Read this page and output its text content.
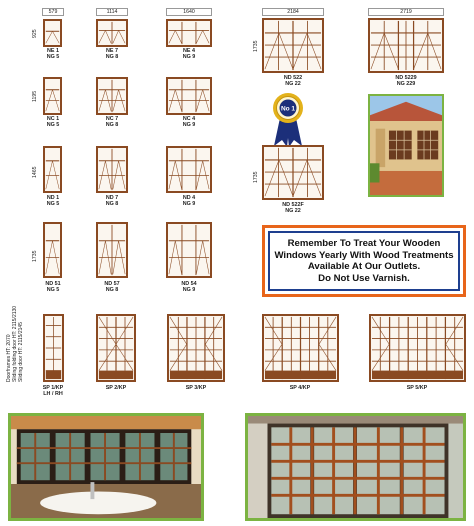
579
925
NE 1
NG 5
1195
NC 1
NG 5
1465
ND 1
NG 5
1735
ND 51
NG 5
1114
NE 7
NG 8
NC 7
NG 8
ND 7
NG 8
ND 57
NG 8
1640
NE 4
NG 9
NC 4
NG 9
ND 4
NG 9
ND 54
NG 9
2184
1735
ND 522
NG 22
No 1
1735
ND 522F
NG 22
2719
ND 5229
NG 229
Remember To Treat Your Wooden
Windows Yearly With Wood Treatments
Available At Our Outlets.
Do Not Use Varnish.
Doorframes HT: 2070 Sliding folding door HT: 2115/2130 Sliding door HT: 2115/2145
SP 1/KP
LH / RH
SP 2/KP	SP 3/KP	SP 4/KP	SP 5/KP
